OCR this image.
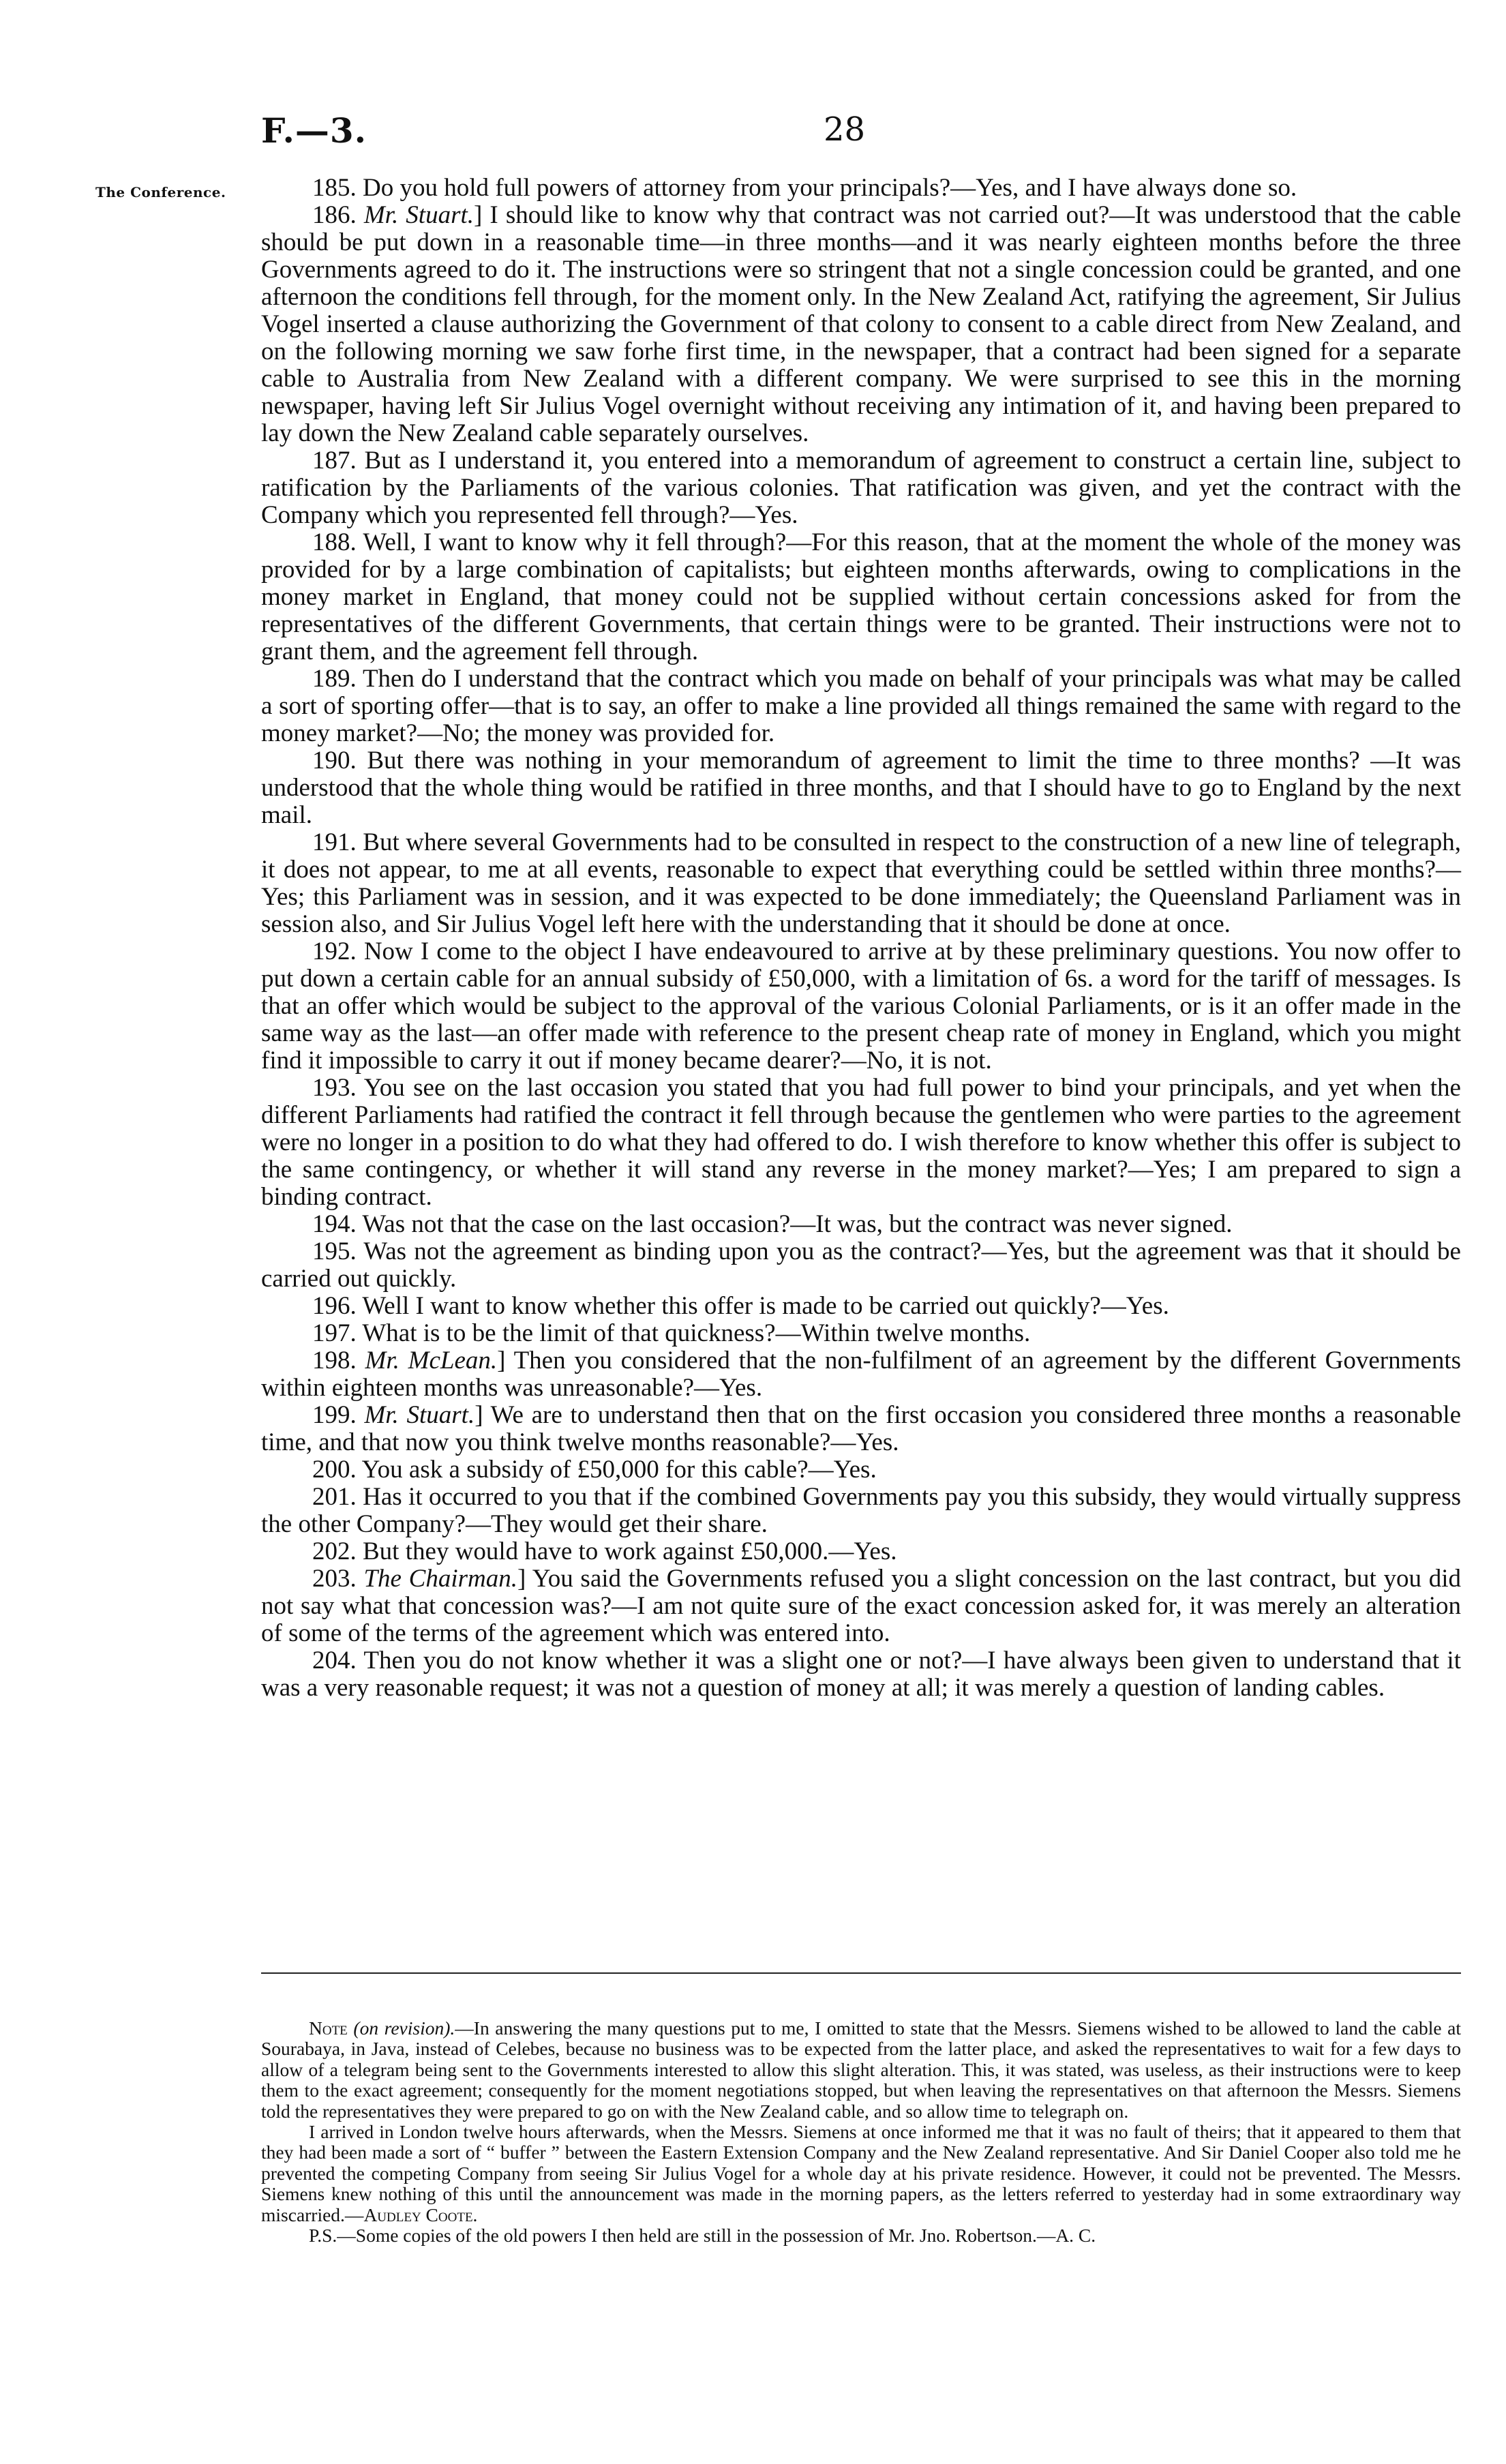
F.—3.	28
The Conference.	185. Do you hold full powers of attorney from your principals?—Yes, and I have always done so.

186. Mr. Stuart.] I should like to know why that contract was not carried out?—It was understood that the cable should be put down in a reasonable time—in three months—and it was nearly eighteen months before the three Governments agreed to do it. The instructions were so stringent that not a single concession could be granted, and one afternoon the conditions fell through, for the moment only. In the New Zealand Act, ratifying the agreement, Sir Julius Vogel inserted a clause authorizing the Government of that colony to consent to a cable direct from New Zealand, and on the following morning we saw forhe first time, in the newspaper, that a contract had been signed for a separate cable to Australia from New Zealand with a different company. We were surprised to see this in the morning newspaper, having left Sir Julius Vogel overnight without receiving any intimation of it, and having been prepared to lay down the New Zealand cable separately ourselves.

187. But as I understand it, you entered into a memorandum of agreement to construct a certain line, subject to ratification by the Parliaments of the various colonies. That ratification was given, and yet the contract with the Company which you represented fell through?—Yes.

188. Well, I want to know why it fell through?—For this reason, that at the moment the whole of the money was provided for by a large combination of capitalists; but eighteen months afterwards, owing to complications in the money market in England, that money could not be supplied without certain concessions asked for from the representatives of the different Governments, that certain things were to be granted. Their instructions were not to grant them, and the agreement fell through.

189. Then do I understand that the contract which you made on behalf of your principals was what may be called a sort of sporting offer—that is to say, an offer to make a line provided all things remained the same with regard to the money market?—No; the money was provided for.

190. But there was nothing in your memorandum of agreement to limit the time to three months? —It was understood that the whole thing would be ratified in three months, and that I should have to go to England by the next mail.

191. But where several Governments had to be consulted in respect to the construction of a new line of telegraph, it does not appear, to me at all events, reasonable to expect that everything could be settled within three months?—Yes; this Parliament was in session, and it was expected to be done immediately; the Queensland Parliament was in session also, and Sir Julius Vogel left here with the understanding that it should be done at once.

192. Now I come to the object I have endeavoured to arrive at by these preliminary questions. You now offer to put down a certain cable for an annual subsidy of £50,000, with a limitation of 6s. a word for the tariff of messages. Is that an offer which would be subject to the approval of the various Colonial Parliaments, or is it an offer made in the same way as the last—an offer made with reference to the present cheap rate of money in England, which you might find it impossible to carry it out if money became dearer?—No, it is not.

193. You see on the last occasion you stated that you had full power to bind your principals, and yet when the different Parliaments had ratified the contract it fell through because the gentlemen who were parties to the agreement were no longer in a position to do what they had offered to do. I wish therefore to know whether this offer is subject to the same contingency, or whether it will stand any reverse in the money market?—Yes; I am prepared to sign a binding contract.

194. Was not that the case on the last occasion?—It was, but the contract was never signed.

195. Was not the agreement as binding upon you as the contract?—Yes, but the agreement was that it should be carried out quickly.

196. Well I want to know whether this offer is made to be carried out quickly?—Yes.

197. What is to be the limit of that quickness?—Within twelve months.

198. Mr. McLean.] Then you considered that the non-fulfilment of an agreement by the different Governments within eighteen months was unreasonable?—Yes.

199. Mr. Stuart.] We are to understand then that on the first occasion you considered three months a reasonable time, and that now you think twelve months reasonable?—Yes.

200. You ask a subsidy of £50,000 for this cable?—Yes.

201. Has it occurred to you that if the combined Governments pay you this subsidy, they would virtually suppress the other Company?—They would get their share.

202. But they would have to work against £50,000.—Yes.

203. The Chairman.] You said the Governments refused you a slight concession on the last contract, but you did not say what that concession was?—I am not quite sure of the exact concession asked for, it was merely an alteration of some of the terms of the agreement which was entered into.

204. Then you do not know whether it was a slight one or not?—I have always been given to understand that it was a very reasonable request; it was not a question of money at all; it was merely a question of landing cables.

Note (on revision).—In answering the many questions put to me, I omitted to state that the Messrs. Siemens wished to be allowed to land the cable at Sourabaya, in Java, instead of Celebes, because no business was to be expected from the latter place, and asked the representatives to wait for a few days to allow of a telegram being sent to the Governments interested to allow this slight alteration. This, it was stated, was useless, as their instructions were to keep them to the exact agreement; consequently for the moment negotiations stopped, but when leaving the representatives on that afternoon the Messrs. Siemens told the representatives they were prepared to go on with the New Zealand cable, and so allow time to telegraph on.

I arrived in London twelve hours afterwards, when the Messrs. Siemens at once informed me that it was no fault of theirs; that it appeared to them that they had been made a sort of “ buffer ” between the Eastern Extension Company and the New Zealand representative. And Sir Daniel Cooper also told me he prevented the competing Company from seeing Sir Julius Vogel for a whole day at his private residence. However, it could not be prevented. The Messrs. Siemens knew nothing of this until the announcement was made in the morning papers, as the letters referred to yesterday had in some extraordinary way miscarried.—Audley Coote.

P.S.—Some copies of the old powers I then held are still in the possession of Mr. Jno. Robertson.—A. C.
